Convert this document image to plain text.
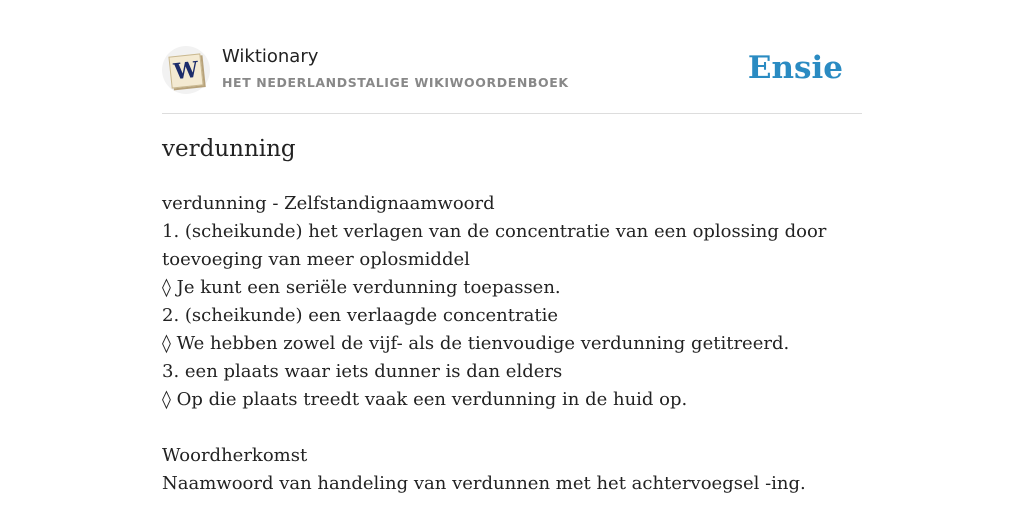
W
Wiktionary
HET NEDERLANDSTALIGE WIKIWOORDENBOEK	Ensie
verdunning
verdunning - Zelfstandignaamwoord
1. (scheikunde) het verlagen van de concentratie van een oplossing door
toevoeging van meer oplosmiddel
◊ Je kunt een seriële verdunning toepassen.
2. (scheikunde) een verlaagde concentratie
◊ We hebben zowel de vijf- als de tienvoudige verdunning getitreerd.
3. een plaats waar iets dunner is dan elders
◊ Op die plaats treedt vaak een verdunning in de huid op.
Woordherkomst
Naamwoord van handeling van verdunnen met het achtervoegsel -ing.
